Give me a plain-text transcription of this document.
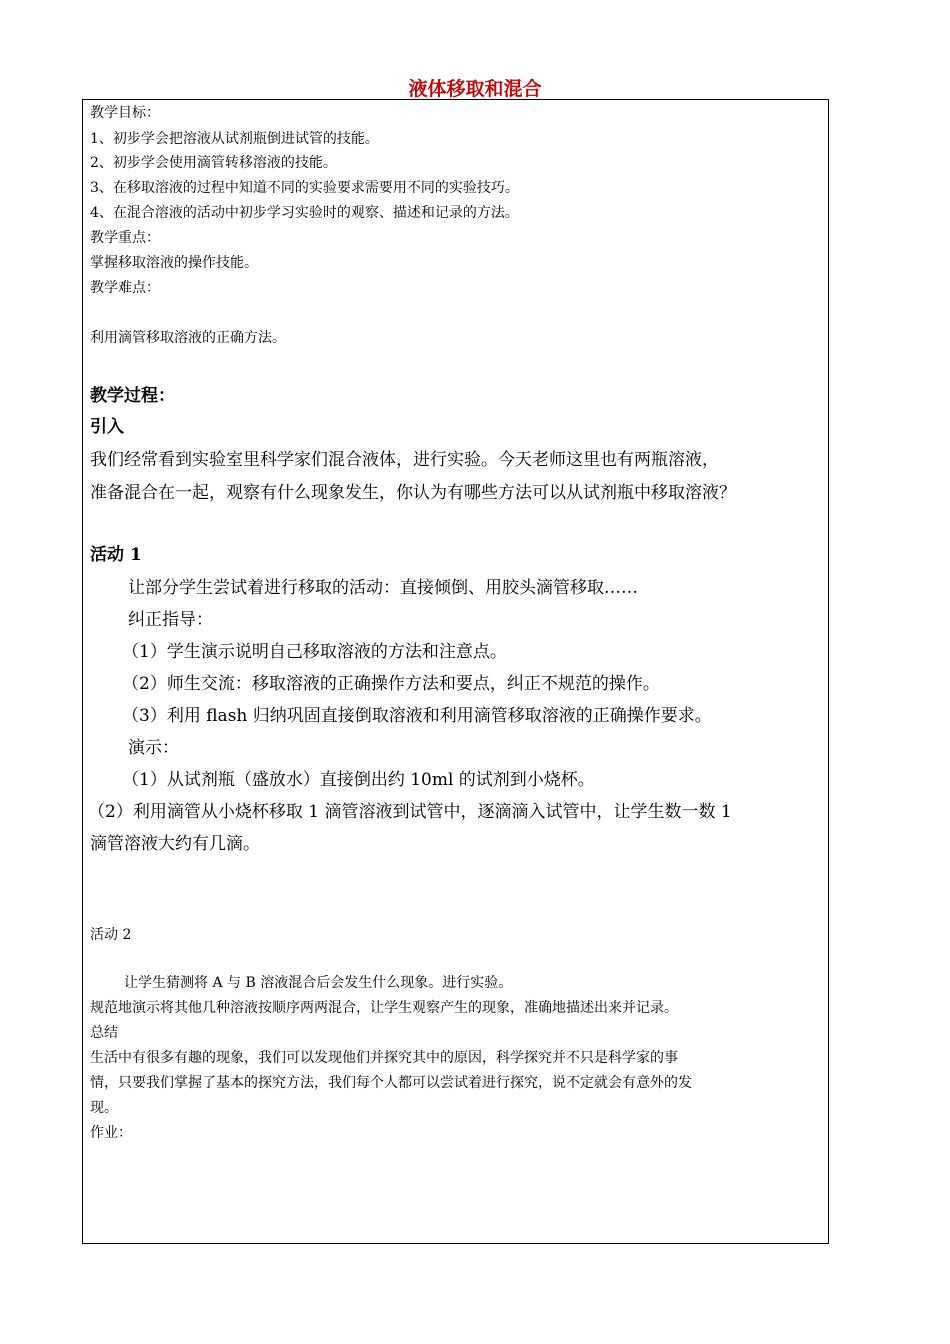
液体移取和混合
教学目标：
1、初步学会把溶液从试剂瓶倒进试管的技能。
2、初步学会使用滴管转移溶液的技能。
3、在移取溶液的过程中知道不同的实验要求需要用不同的实验技巧。
4、在混合溶液的活动中初步学习实验时的观察、描述和记录的方法。
教学重点：
掌握移取溶液的操作技能。
教学难点：
利用滴管移取溶液的正确方法。
教学过程：
引入
我们经常看到实验室里科学家们混合液体，进行实验。今天老师这里也有两瓶溶液，
准备混合在一起，观察有什么现象发生，你认为有哪些方法可以从试剂瓶中移取溶液？
活动 1
让部分学生尝试着进行移取的活动：直接倾倒、用胶头滴管移取……
纠正指导：
（1）学生演示说明自己移取溶液的方法和注意点。
（2）师生交流：移取溶液的正确操作方法和要点，纠正不规范的操作。
（3）利用 flash 归纳巩固直接倒取溶液和利用滴管移取溶液的正确操作要求。
演示：
（1）从试剂瓶（盛放水）直接倒出约 10ml 的试剂到小烧杯。
（2）利用滴管从小烧杯移取 1 滴管溶液到试管中，逐滴滴入试管中，让学生数一数 1
滴管溶液大约有几滴。
活动 2
让学生猜测将 A 与 B 溶液混合后会发生什么现象。进行实验。
规范地演示将其他几种溶液按顺序两两混合，让学生观察产生的现象，准确地描述出来并记录。
总结
生活中有很多有趣的现象，我们可以发现他们并探究其中的原因，科学探究并不只是科学家的事
情，只要我们掌握了基本的探究方法，我们每个人都可以尝试着进行探究，说不定就会有意外的发
现。
作业：
